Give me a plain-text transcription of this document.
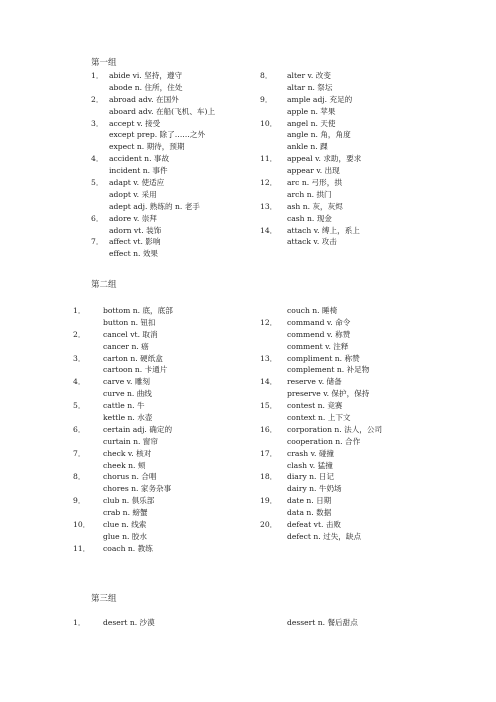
第一组
1． abide vi. 坚持，遵守
abode n. 住所，住处
2． abroad adv. 在国外
aboard adv. 在船(飞机、车)上
3． accept v. 接受
except prep. 除了……之外
expect n. 期待，预期
4． accident n. 事故
incident n. 事件
5． adapt v. 使适应
adopt v. 采用
adept adj. 熟练的 n. 老手
6． adore v. 崇拜
adorn vt. 装饰
7． affect vt. 影响
effect n. 效果
8． alter v. 改变
altar n. 祭坛
9． ample adj. 充足的
apple n. 苹果
10． angel n. 天使
angle n. 角，角度
ankle n. 踝
11． appeal v. 求助，要求
appear v. 出现
12． arc n. 弓形，拱
arch n. 拱门
13． ash n. 灰，灰烬
cash n. 现金
14． attach v. 缚上，系上
attack v. 攻击
第二组
1． bottom n. 底，底部
button n. 钮扣
2． cancel vt. 取消
cancer n. 癌
3． carton n. 硬纸盒
cartoon n. 卡通片
4． carve v. 雕刻
curve n. 曲线
5． cattle n. 牛
kettle n. 水壶
6． certain adj. 确定的
curtain n. 窗帘
7． check v. 核对
cheek n. 颊
8． chorus n. 合唱
chores n. 家务杂事
9． club n. 俱乐部
crab n. 螃蟹
10． clue n. 线索
glue n. 胶水
11． coach n. 教练
couch n. 睡椅
12． command v. 命令
commend v. 称赞
comment v. 注释
13． compliment n. 称赞
complement n. 补足物
14． reserve v. 储备
preserve v. 保护，保持
15． contest n. 竞赛
context n. 上下文
16． corporation n. 法人，公司
cooperation n. 合作
17． crash v. 碰撞
clash v. 猛撞
18． diary n. 日记
dairy n. 牛奶场
19． date n. 日期
data n. 数据
20． defeat vt. 击败
defect n. 过失，缺点
第三组
1． desert n. 沙漠	dessert n. 餐后甜点
